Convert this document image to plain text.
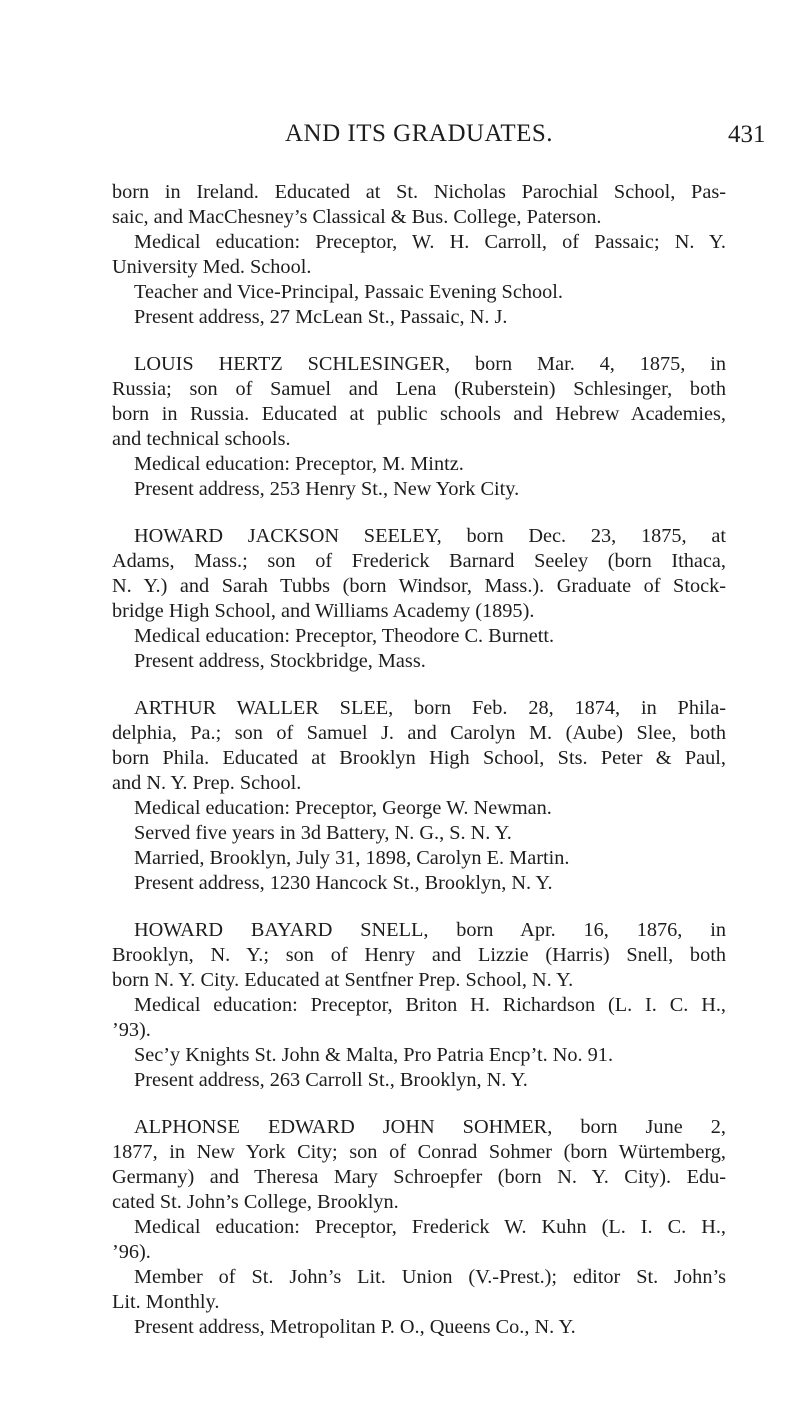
AND ITS GRADUATES.	431
born in Ireland. Educated at St. Nicholas Parochial School, Pas-
saic, and MacChesney’s Classical & Bus. College, Paterson.
Medical education: Preceptor, W. H. Carroll, of Passaic; N. Y.
University Med. School.
Teacher and Vice-Principal, Passaic Evening School.
Present address, 27 McLean St., Passaic, N. J.
LOUIS HERTZ SCHLESINGER, born Mar. 4, 1875, in
Russia; son of Samuel and Lena (Ruberstein) Schlesinger, both
born in Russia. Educated at public schools and Hebrew Academies,
and technical schools.
Medical education: Preceptor, M. Mintz.
Present address, 253 Henry St., New York City.
HOWARD JACKSON SEELEY, born Dec. 23, 1875, at
Adams, Mass.; son of Frederick Barnard Seeley (born Ithaca,
N. Y.) and Sarah Tubbs (born Windsor, Mass.). Graduate of Stock-
bridge High School, and Williams Academy (1895).
Medical education: Preceptor, Theodore C. Burnett.
Present address, Stockbridge, Mass.
ARTHUR WALLER SLEE, born Feb. 28, 1874, in Phila-
delphia, Pa.; son of Samuel J. and Carolyn M. (Aube) Slee, both
born Phila. Educated at Brooklyn High School, Sts. Peter & Paul,
and N. Y. Prep. School.
Medical education: Preceptor, George W. Newman.
Served five years in 3d Battery, N. G., S. N. Y.
Married, Brooklyn, July 31, 1898, Carolyn E. Martin.
Present address, 1230 Hancock St., Brooklyn, N. Y.
HOWARD BAYARD SNELL, born Apr. 16, 1876, in
Brooklyn, N. Y.; son of Henry and Lizzie (Harris) Snell, both
born N. Y. City. Educated at Sentfner Prep. School, N. Y.
Medical education: Preceptor, Briton H. Richardson (L. I. C. H.,
’93).
Sec’y Knights St. John & Malta, Pro Patria Encp’t. No. 91.
Present address, 263 Carroll St., Brooklyn, N. Y.
ALPHONSE EDWARD JOHN SOHMER, born June 2,
1877, in New York City; son of Conrad Sohmer (born Würtemberg,
Germany) and Theresa Mary Schroepfer (born N. Y. City). Edu-
cated St. John’s College, Brooklyn.
Medical education: Preceptor, Frederick W. Kuhn (L. I. C. H.,
’96).
Member of St. John’s Lit. Union (V.-Prest.); editor St. John’s
Lit. Monthly.
Present address, Metropolitan P. O., Queens Co., N. Y.
